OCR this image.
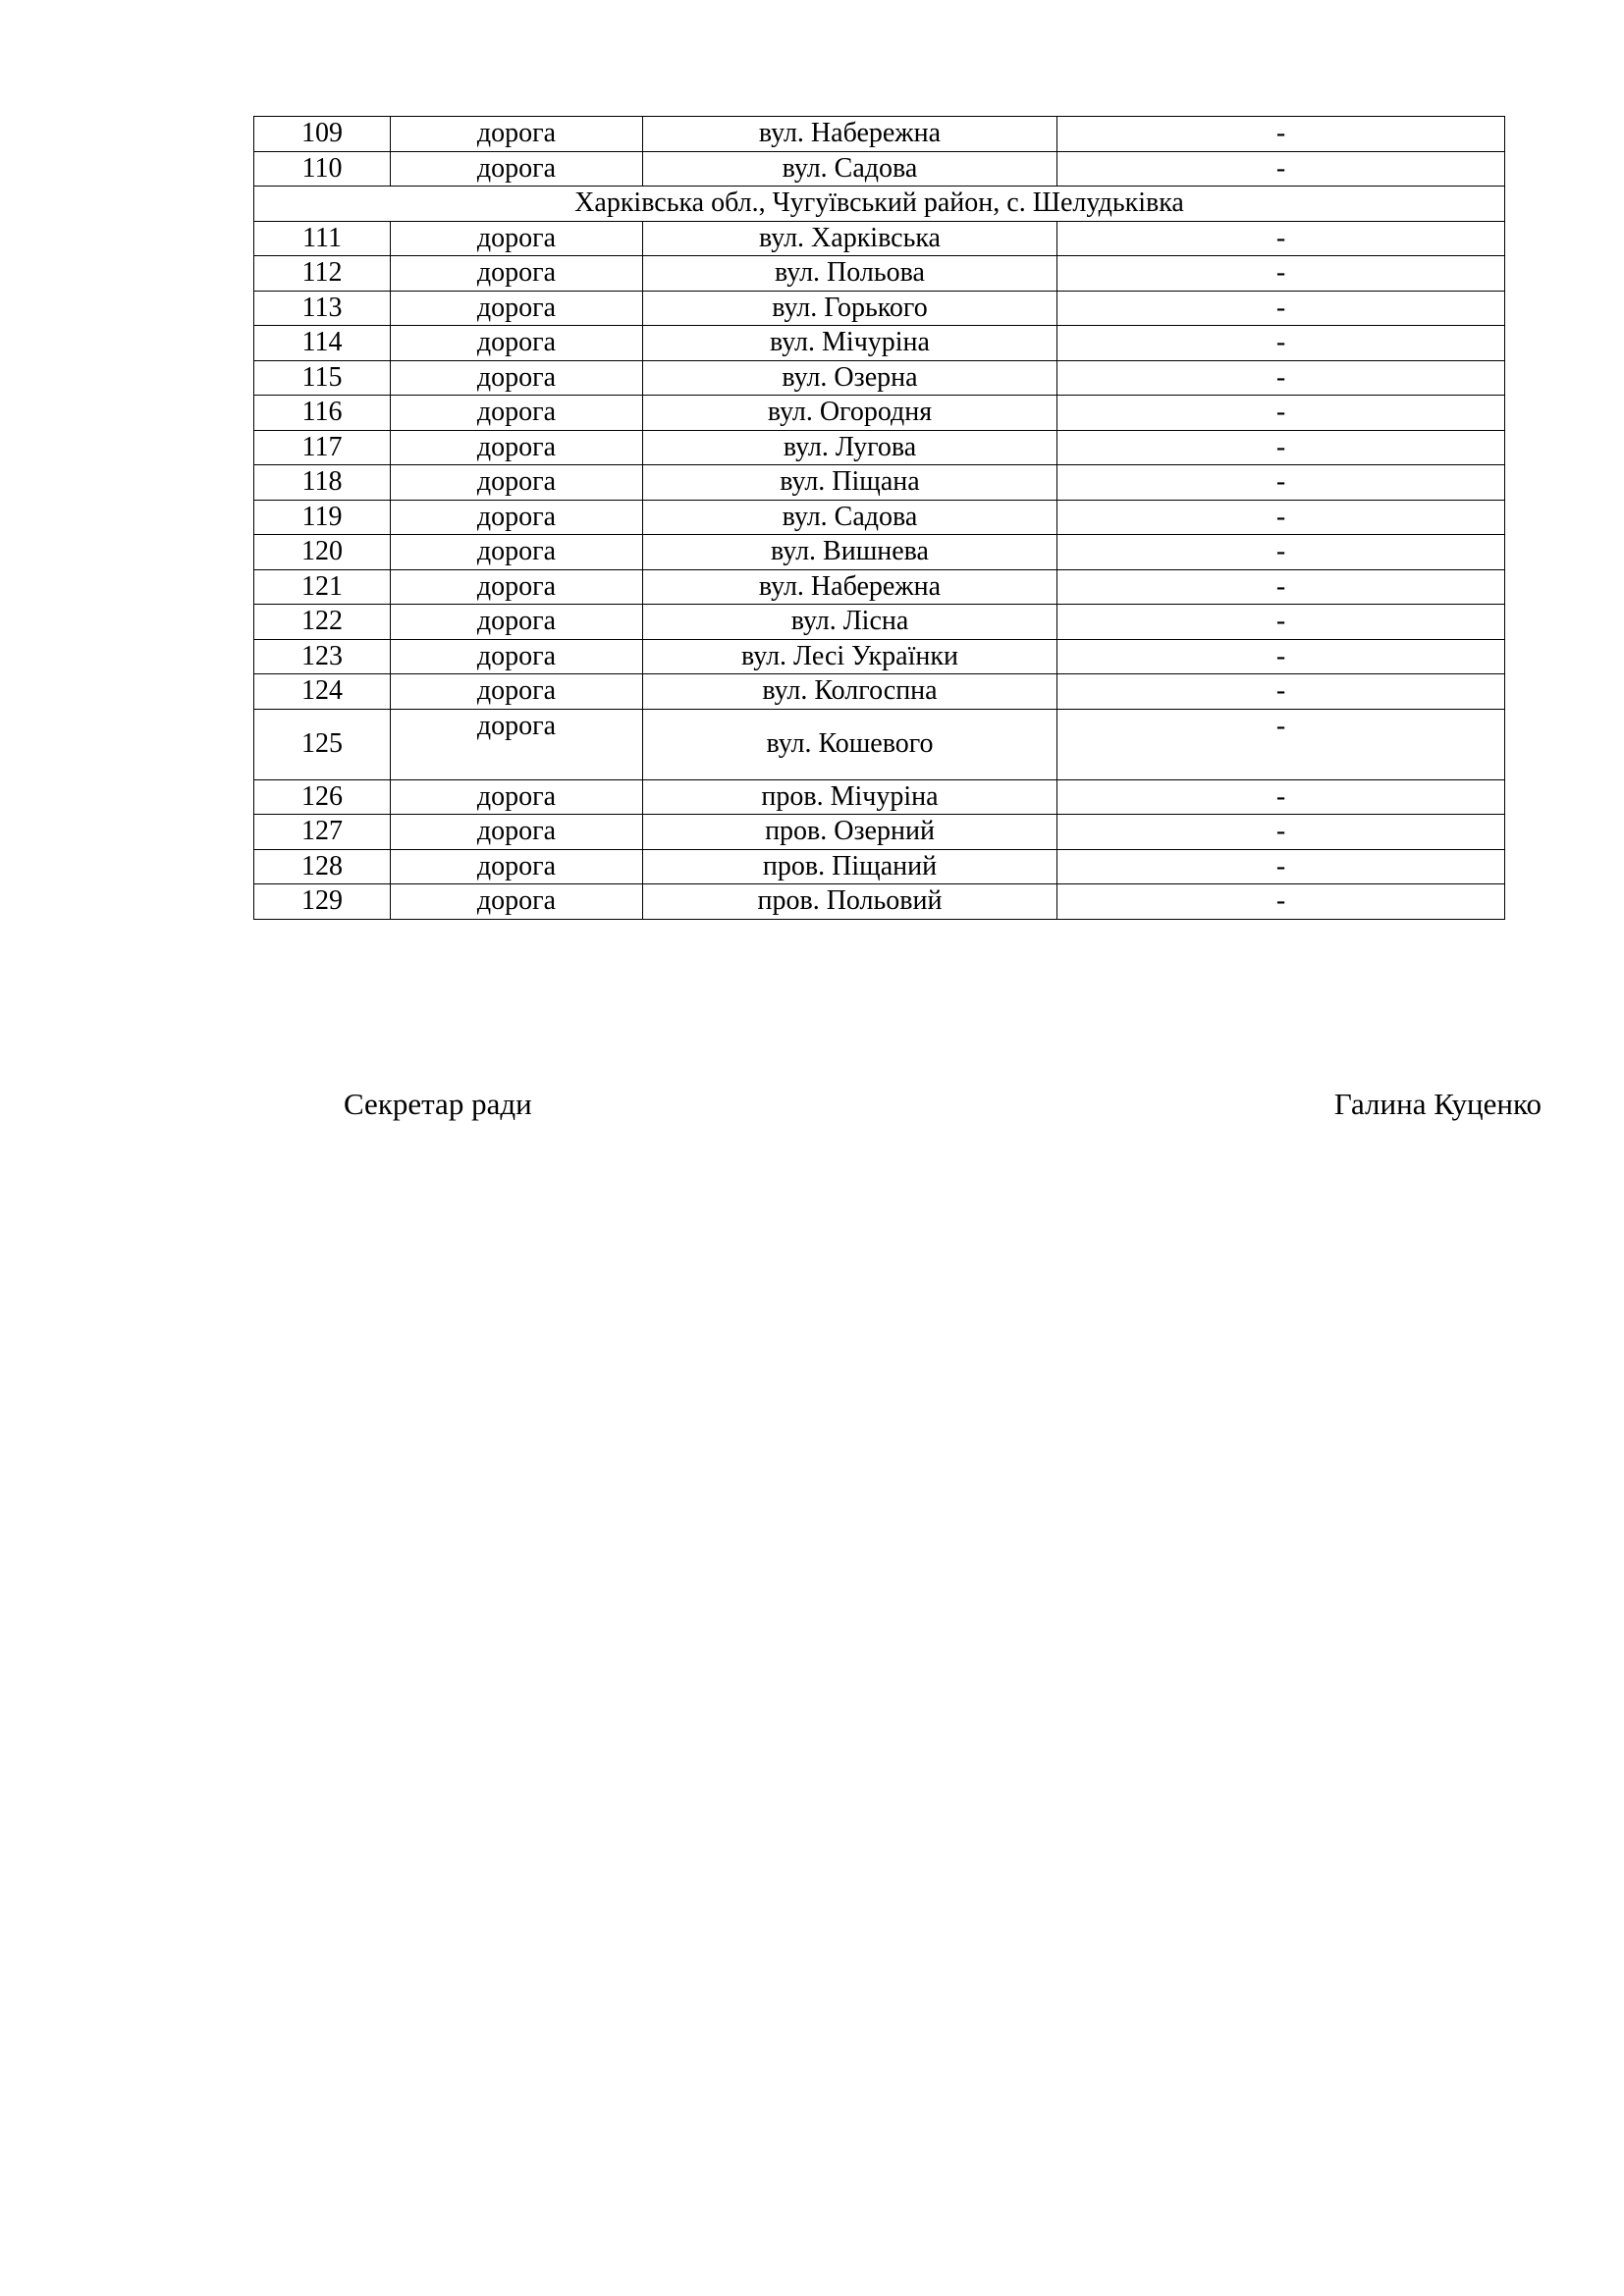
109	дорога	вул. Набережна	-
110	дорога	вул. Садова	-
Харківська обл., Чугуївський район, с. Шелудьківка			
111	дорога	вул. Харківська	-
112	дорога	вул. Польова	-
113	дорога	вул. Горького	-
114	дорога	вул. Мічуріна	-
115	дорога	вул. Озерна	-
116	дорога	вул. Огородня	-
117	дорога	вул. Лугова	-
118	дорога	вул. Піщана	-
119	дорога	вул. Садова	-
120	дорога	вул. Вишнева	-
121	дорога	вул. Набережна	-
122	дорога	вул. Лісна	-
123	дорога	вул. Лесі Українки	-
124	дорога	вул. Колгоспна	-
125	дорога	вул. Кошевого	-
126	дорога	пров. Мічуріна	-
127	дорога	пров. Озерний	-
128	дорога	пров. Піщаний	-
129	дорога	пров. Польовий	-
Секретар ради	Галина Куценко
